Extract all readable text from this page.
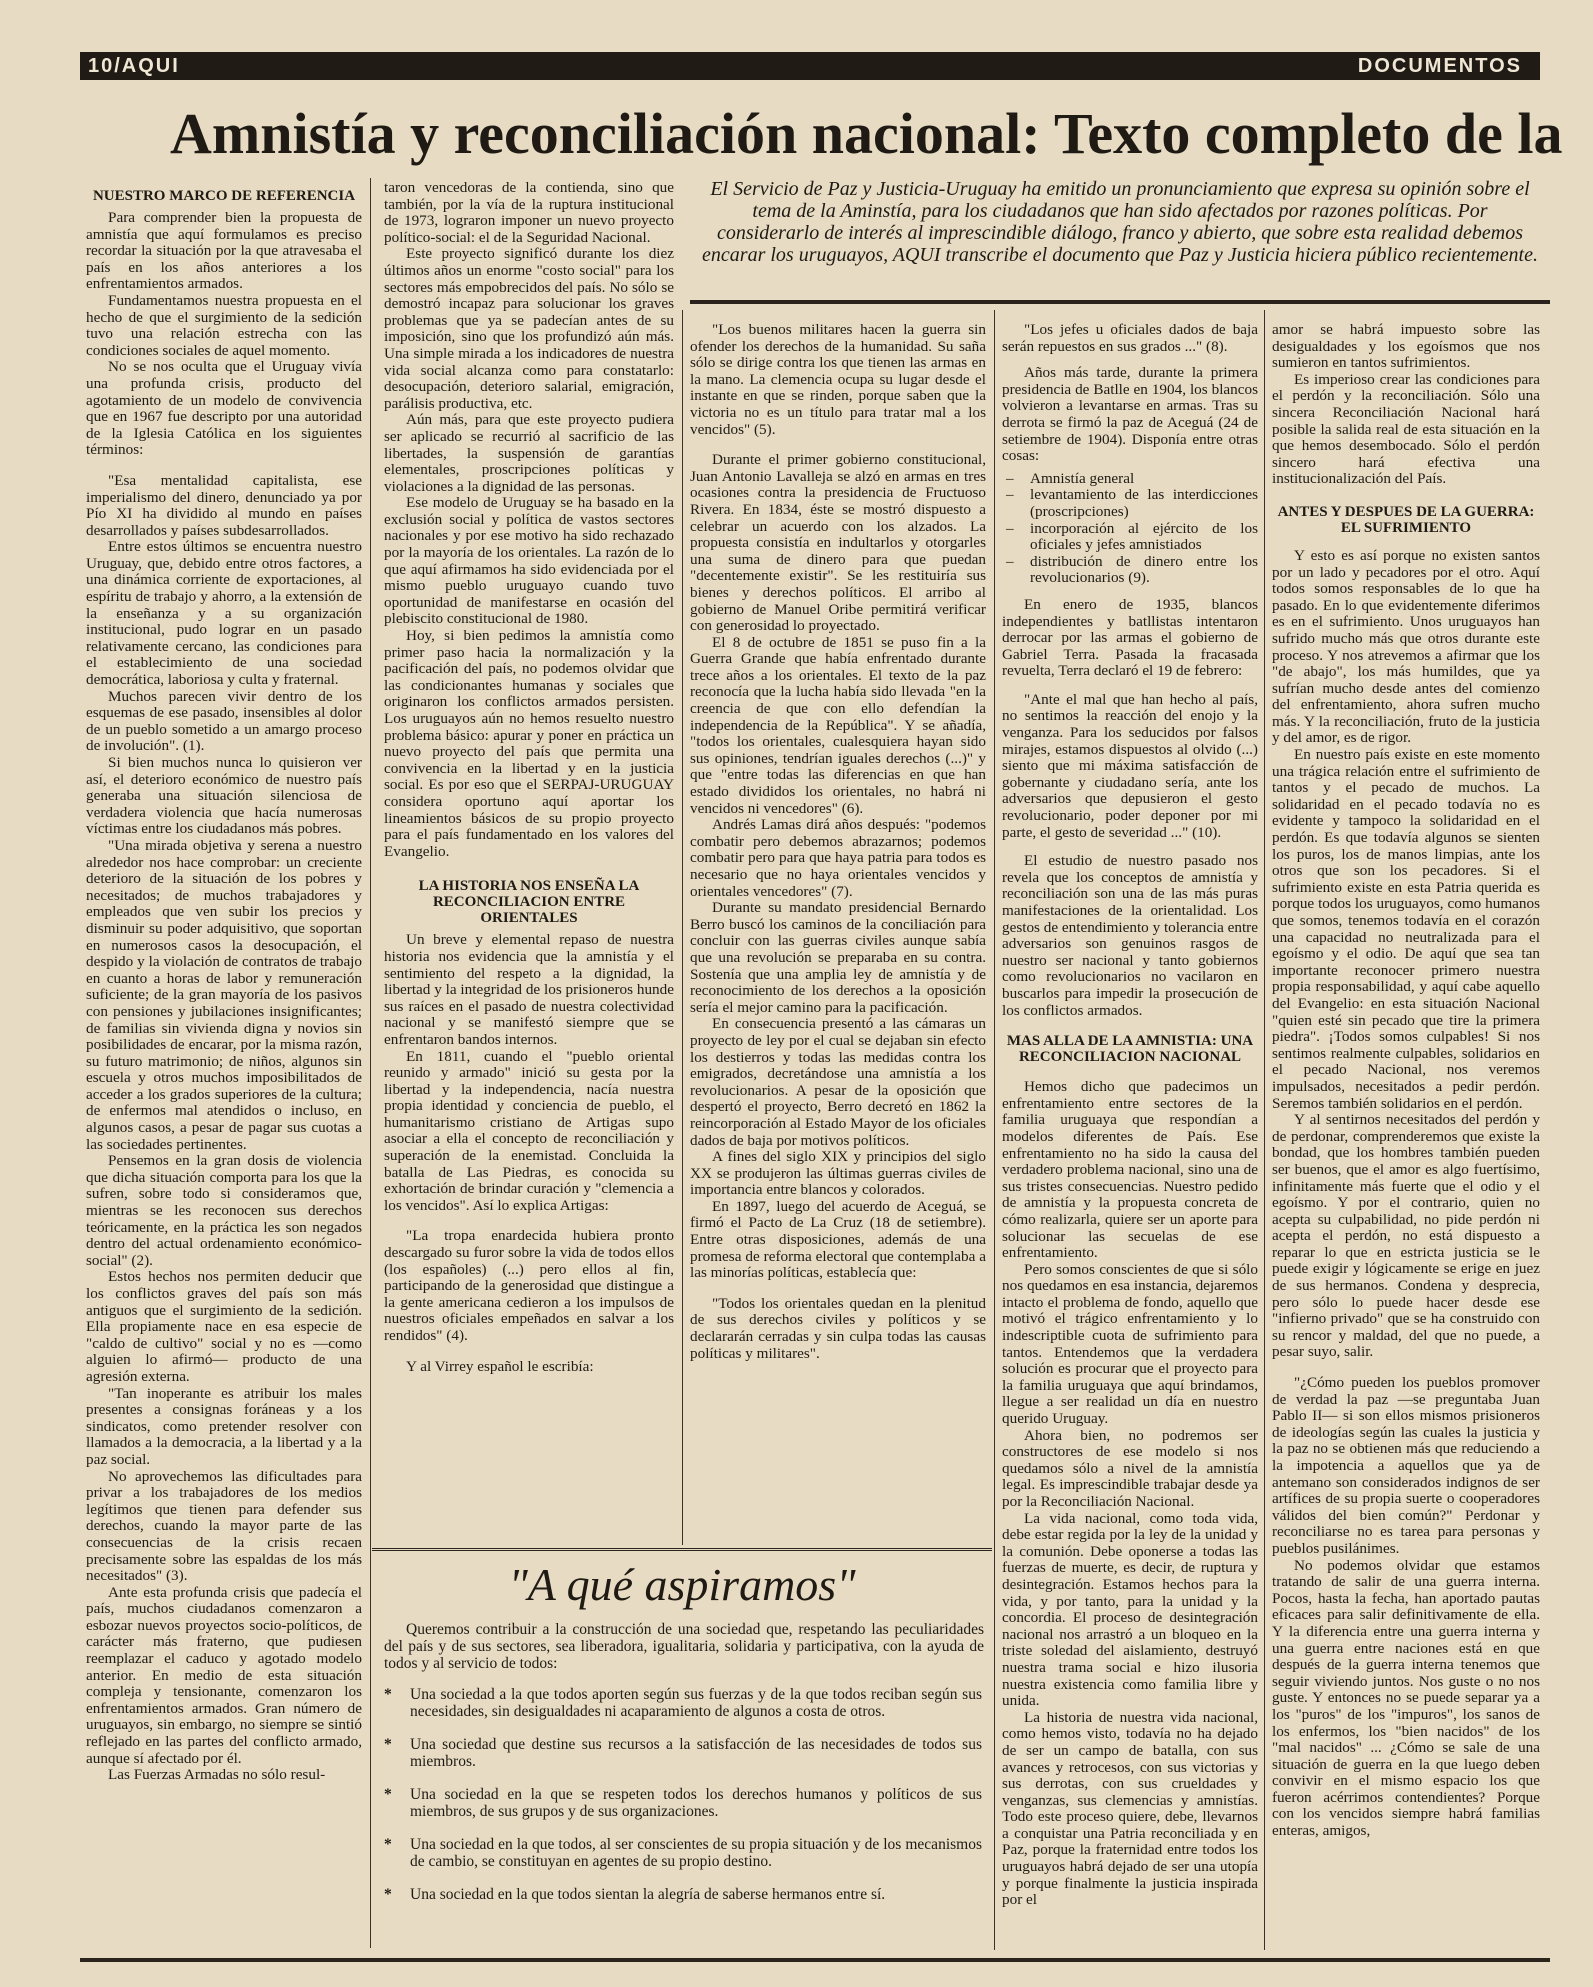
10/AQUI	DOCUMENTOS
Amnistía y reconciliación nacional: Texto completo de la
El Servicio de Paz y Justicia-Uruguay ha emitido un pronunciamiento que expresa su opinión sobre el tema de la Aminstía, para los ciudadanos que han sido afectados por razones políticas. Por considerarlo de interés al imprescindible diálogo, franco y abierto, que sobre esta realidad debemos encarar los uruguayos, AQUI transcribe el documento que Paz y Justicia hiciera público recientemente.
NUESTRO MARCO DE REFERENCIA

Para comprender bien la propuesta de amnistía que aquí formulamos es preciso recordar la situación por la que atravesaba el país en los años anteriores a los enfrentamientos armados.

Fundamentamos nuestra propuesta en el hecho de que el surgimiento de la sedición tuvo una relación estrecha con las condiciones sociales de aquel momento.

No se nos oculta que el Uruguay vivía una profunda crisis, producto del agotamiento de un modelo de convivencia que en 1967 fue descripto por una autoridad de la Iglesia Católica en los siguientes términos:

"Esa mentalidad capitalista, ese imperialismo del dinero, denunciado ya por Pío XI ha dividido al mundo en países desarrollados y países subdesarrollados.

Entre estos últimos se encuentra nuestro Uruguay, que, debido entre otros factores, a una dinámica corriente de exportaciones, al espíritu de trabajo y ahorro, a la extensión de la enseñanza y a su organización institucional, pudo lograr en un pasado relativamente cercano, las condiciones para el establecimiento de una sociedad democrática, laboriosa y culta y fraternal.

Muchos parecen vivir dentro de los esquemas de ese pasado, insensibles al dolor de un pueblo sometido a un amargo proceso de involución". (1).

Si bien muchos nunca lo quisieron ver así, el deterioro económico de nuestro país generaba una situación silenciosa de verdadera violencia que hacía numerosas víctimas entre los ciudadanos más pobres.

"Una mirada objetiva y serena a nuestro alrededor nos hace comprobar: un creciente deterioro de la situación de los pobres y necesitados; de muchos trabajadores y empleados que ven subir los precios y disminuir su poder adquisitivo, que soportan en numerosos casos la desocupación, el despido y la violación de contratos de trabajo en cuanto a horas de labor y remuneración suficiente; de la gran mayoría de los pasivos con pensiones y jubilaciones insignificantes; de familias sin vivienda digna y novios sin posibilidades de encarar, por la misma razón, su futuro matrimonio; de niños, algunos sin escuela y otros muchos imposibilitados de acceder a los grados superiores de la cultura; de enfermos mal atendidos o incluso, en algunos casos, a pesar de pagar sus cuotas a las sociedades pertinentes.

Pensemos en la gran dosis de violencia que dicha situación comporta para los que la sufren, sobre todo si consideramos que, mientras se les reconocen sus derechos teóricamente, en la práctica les son negados dentro del actual ordenamiento económico-social" (2).

Estos hechos nos permiten deducir que los conflictos graves del país son más antiguos que el surgimiento de la sedición. Ella propiamente nace en esa especie de "caldo de cultivo" social y no es —como alguien lo afirmó— producto de una agresión externa.

"Tan inoperante es atribuir los males presentes a consignas foráneas y a los sindicatos, como pretender resolver con llamados a la democracia, a la libertad y a la paz social.

No aprovechemos las dificultades para privar a los trabajadores de los medios legítimos que tienen para defender sus derechos, cuando la mayor parte de las consecuencias de la crisis recaen precisamente sobre las espaldas de los más necesitados" (3).

Ante esta profunda crisis que padecía el país, muchos ciudadanos comenzaron a esbozar nuevos proyectos socio-políticos, de carácter más fraterno, que pudiesen reemplazar el caduco y agotado modelo anterior. En medio de esta situación compleja y tensionante, comenzaron los enfrentamientos armados. Gran número de uruguayos, sin embargo, no siempre se sintió reflejado en las partes del conflicto armado, aunque sí afectado por él.

Las Fuerzas Armadas no sólo resul-

taron vencedoras de la contienda, sino que también, por la vía de la ruptura institucional de 1973, lograron imponer un nuevo proyecto político-social: el de la Seguridad Nacional.

Este proyecto significó durante los diez últimos años un enorme "costo social" para los sectores más empobrecidos del país. No sólo se demostró incapaz para solucionar los graves problemas que ya se padecían antes de su imposición, sino que los profundizó aún más. Una simple mirada a los indicadores de nuestra vida social alcanza como para constatarlo: desocupación, deterioro salarial, emigración, parálisis productiva, etc.

Aún más, para que este proyecto pudiera ser aplicado se recurrió al sacrificio de las libertades, la suspensión de garantías elementales, proscripciones políticas y violaciones a la dignidad de las personas.

Ese modelo de Uruguay se ha basado en la exclusión social y política de vastos sectores nacionales y por ese motivo ha sido rechazado por la mayoría de los orientales. La razón de lo que aquí afirmamos ha sido evidenciada por el mismo pueblo uruguayo cuando tuvo oportunidad de manifestarse en ocasión del plebiscito constitucional de 1980.

Hoy, si bien pedimos la amnistía como primer paso hacia la normalización y la pacificación del país, no podemos olvidar que las condicionantes humanas y sociales que originaron los conflictos armados persisten. Los uruguayos aún no hemos resuelto nuestro problema básico: apurar y poner en práctica un nuevo proyecto del país que permita una convivencia en la libertad y en la justicia social. Es por eso que el SERPAJ-URUGUAY considera oportuno aquí aportar los lineamientos básicos de su propio proyecto para el país fundamentado en los valores del Evangelio.

LA HISTORIA NOS ENSEÑA LA RECONCILIACION ENTRE ORIENTALES

Un breve y elemental repaso de nuestra historia nos evidencia que la amnistía y el sentimiento del respeto a la dignidad, la libertad y la integridad de los prisioneros hunde sus raíces en el pasado de nuestra colectividad nacional y se manifestó siempre que se enfrentaron bandos internos.

En 1811, cuando el "pueblo oriental reunido y armado" inició su gesta por la libertad y la independencia, nacía nuestra propia identidad y conciencia de pueblo, el humanitarismo cristiano de Artigas supo asociar a ella el concepto de reconciliación y superación de la enemistad. Concluida la batalla de Las Piedras, es conocida su exhortación de brindar curación y "clemencia a los vencidos". Así lo explica Artigas:

"La tropa enardecida hubiera pronto descargado su furor sobre la vida de todos ellos (los españoles) (...) pero ellos al fin, participando de la generosidad que distingue a la gente americana cedieron a los impulsos de nuestros oficiales empeñados en salvar a los rendidos" (4).

Y al Virrey español le escribía:

"Los buenos militares hacen la guerra sin ofender los derechos de la humanidad. Su saña sólo se dirige contra los que tienen las armas en la mano. La clemencia ocupa su lugar desde el instante en que se rinden, porque saben que la victoria no es un título para tratar mal a los vencidos" (5).

Durante el primer gobierno constitucional, Juan Antonio Lavalleja se alzó en armas en tres ocasiones contra la presidencia de Fructuoso Rivera. En 1834, éste se mostró dispuesto a celebrar un acuerdo con los alzados. La propuesta consistía en indultarlos y otorgarles una suma de dinero para que puedan "decentemente existir". Se les restituiría sus bienes y derechos políticos. El arribo al gobierno de Manuel Oribe permitirá verificar con generosidad lo proyectado.

El 8 de octubre de 1851 se puso fin a la Guerra Grande que había enfrentado durante trece años a los orientales. El texto de la paz reconocía que la lucha había sido llevada "en la creencia de que con ello defendían la independencia de la República". Y se añadía, "todos los orientales, cualesquiera hayan sido sus opiniones, tendrían iguales derechos (...)" y que "entre todas las diferencias en que han estado divididos los orientales, no habrá ni vencidos ni vencedores" (6).

Andrés Lamas dirá años después: "podemos combatir pero debemos abrazarnos; podemos combatir pero para que haya patria para todos es necesario que no haya orientales vencidos y orientales vencedores" (7).

Durante su mandato presidencial Bernardo Berro buscó los caminos de la conciliación para concluir con las guerras civiles aunque sabía que una revolución se preparaba en su contra. Sostenía que una amplia ley de amnistía y de reconocimiento de los derechos a la oposición sería el mejor camino para la pacificación.

En consecuencia presentó a las cámaras un proyecto de ley por el cual se dejaban sin efecto los destierros y todas las medidas contra los emigrados, decretándose una amnistía a los revolucionarios. A pesar de la oposición que despertó el proyecto, Berro decretó en 1862 la reincorporación al Estado Mayor de los oficiales dados de baja por motivos políticos.

A fines del siglo XIX y principios del siglo XX se produjeron las últimas guerras civiles de importancia entre blancos y colorados.

En 1897, luego del acuerdo de Aceguá, se firmó el Pacto de La Cruz (18 de setiembre). Entre otras disposiciones, además de una promesa de reforma electoral que contemplaba a las minorías políticas, establecía que:

"Todos los orientales quedan en la plenitud de sus derechos civiles y políticos y se declararán cerradas y sin culpa todas las causas políticas y militares".

"Los jefes u oficiales dados de baja serán repuestos en sus grados ..." (8).

Años más tarde, durante la primera presidencia de Batlle en 1904, los blancos volvieron a levantarse en armas. Tras su derrota se firmó la paz de Aceguá (24 de setiembre de 1904). Disponía entre otras cosas:

– Amnistía general
– levantamiento de las interdicciones (proscripciones)
– incorporación al ejército de los oficiales y jefes amnistiados
– distribución de dinero entre los revolucionarios (9).

En enero de 1935, blancos independientes y batllistas intentaron derrocar por las armas el gobierno de Gabriel Terra. Pasada la fracasada revuelta, Terra declaró el 19 de febrero:

"Ante el mal que han hecho al país, no sentimos la reacción del enojo y la venganza. Para los seducidos por falsos mirajes, estamos dispuestos al olvido (...) siento que mi máxima satisfacción de gobernante y ciudadano sería, ante los adversarios que depusieron el gesto revolucionario, poder deponer por mi parte, el gesto de severidad ..." (10).

El estudio de nuestro pasado nos revela que los conceptos de amnistía y reconciliación son una de las más puras manifestaciones de la orientalidad. Los gestos de entendimiento y tolerancia entre adversarios son genuinos rasgos de nuestro ser nacional y tanto gobiernos como revolucionarios no vacilaron en buscarlos para impedir la prosecución de los conflictos armados.

MAS ALLA DE LA AMNISTIA: UNA RECONCILIACION NACIONAL

Hemos dicho que padecimos un enfrentamiento entre sectores de la familia uruguaya que respondían a modelos diferentes de País. Ese enfrentamiento no ha sido la causa del verdadero problema nacional, sino una de sus tristes consecuencias. Nuestro pedido de amnistía y la propuesta concreta de cómo realizarla, quiere ser un aporte para solucionar las secuelas de ese enfrentamiento.

Pero somos conscientes de que si sólo nos quedamos en esa instancia, dejaremos intacto el problema de fondo, aquello que motivó el trágico enfrentamiento y lo indescriptible cuota de sufrimiento para tantos. Entendemos que la verdadera solución es procurar que el proyecto para la familia uruguaya que aquí brindamos, llegue a ser realidad un día en nuestro querido Uruguay.

Ahora bien, no podremos ser constructores de ese modelo si nos quedamos sólo a nivel de la amnistía legal. Es imprescindible trabajar desde ya por la Reconciliación Nacional.

La vida nacional, como toda vida, debe estar regida por la ley de la unidad y la comunión. Debe oponerse a todas las fuerzas de muerte, es decir, de ruptura y desintegración. Estamos hechos para la vida, y por tanto, para la unidad y la concordia. El proceso de desintegración nacional nos arrastró a un bloqueo en la triste soledad del aislamiento, destruyó nuestra trama social e hizo ilusoria nuestra existencia como familia libre y unida.

La historia de nuestra vida nacional, como hemos visto, todavía no ha dejado de ser un campo de batalla, con sus avances y retrocesos, con sus victorias y sus derrotas, con sus crueldades y venganzas, sus clemencias y amnistías. Todo este proceso quiere, debe, llevarnos a conquistar una Patria reconciliada y en Paz, porque la fraternidad entre todos los uruguayos habrá dejado de ser una utopía y porque finalmente la justicia inspirada por el

amor se habrá impuesto sobre las desigualdades y los egoísmos que nos sumieron en tantos sufrimientos.

Es imperioso crear las condiciones para el perdón y la reconciliación. Sólo una sincera Reconciliación Nacional hará posible la salida real de esta situación en la que hemos desembocado. Sólo el perdón sincero hará efectiva una institucionalización del País.

ANTES Y DESPUES DE LA GUERRA: EL SUFRIMIENTO

Y esto es así porque no existen santos por un lado y pecadores por el otro. Aquí todos somos responsables de lo que ha pasado. En lo que evidentemente diferimos es en el sufrimiento. Unos uruguayos han sufrido mucho más que otros durante este proceso. Y nos atrevemos a afirmar que los "de abajo", los más humildes, que ya sufrían mucho desde antes del comienzo del enfrentamiento, ahora sufren mucho más. Y la reconciliación, fruto de la justicia y del amor, es de rigor.

En nuestro país existe en este momento una trágica relación entre el sufrimiento de tantos y el pecado de muchos. La solidaridad en el pecado todavía no es evidente y tampoco la solidaridad en el perdón. Es que todavía algunos se sienten los puros, los de manos limpias, ante los otros que son los pecadores. Si el sufrimiento existe en esta Patria querida es porque todos los uruguayos, como humanos que somos, tenemos todavía en el corazón una capacidad no neutralizada para el egoísmo y el odio. De aquí que sea tan importante reconocer primero nuestra propia responsabilidad, y aquí cabe aquello del Evangelio: en esta situación Nacional "quien esté sin pecado que tire la primera piedra". ¡Todos somos culpables! Si nos sentimos realmente culpables, solidarios en el pecado Nacional, nos veremos impulsados, necesitados a pedir perdón. Seremos también solidarios en el perdón.

Y al sentirnos necesitados del perdón y de perdonar, comprenderemos que existe la bondad, que los hombres también pueden ser buenos, que el amor es algo fuertísimo, infinitamente más fuerte que el odio y el egoísmo. Y por el contrario, quien no acepta su culpabilidad, no pide perdón ni acepta el perdón, no está dispuesto a reparar lo que en estricta justicia se le puede exigir y lógicamente se erige en juez de sus hermanos. Condena y desprecia, pero sólo lo puede hacer desde ese "infierno privado" que se ha construido con su rencor y maldad, del que no puede, a pesar suyo, salir.

"¿Cómo pueden los pueblos promover de verdad la paz —se preguntaba Juan Pablo II— si son ellos mismos prisioneros de ideologías según las cuales la justicia y la paz no se obtienen más que reduciendo a la impotencia a aquellos que ya de antemano son considerados indignos de ser artífices de su propia suerte o cooperadores válidos del bien común?" Perdonar y reconciliarse no es tarea para personas y pueblos pusilánimes.

No podemos olvidar que estamos tratando de salir de una guerra interna. Pocos, hasta la fecha, han aportado pautas eficaces para salir definitivamente de ella. Y la diferencia entre una guerra interna y una guerra entre naciones está en que después de la guerra interna tenemos que seguir viviendo juntos. Nos guste o no nos guste. Y entonces no se puede separar ya a los "puros" de los "impuros", los sanos de los enfermos, los "bien nacidos" de los "mal nacidos" ... ¿Cómo se sale de una situación de guerra en la que luego deben convivir en el mismo espacio los que fueron acérrimos contendientes? Porque con los vencidos siempre habrá familias enteras, amigos,

"A qué aspiramos"

Queremos contribuir a la construcción de una sociedad que, respetando las peculiaridades del país y de sus sectores, sea liberadora, igualitaria, solidaria y participativa, con la ayuda de todos y al servicio de todos:

* Una sociedad a la que todos aporten según sus fuerzas y de la que todos reciban según sus necesidades, sin desigualdades ni acaparamiento de algunos a costa de otros.
* Una sociedad que destine sus recursos a la satisfacción de las necesidades de todos sus miembros.
* Una sociedad en la que se respeten todos los derechos humanos y políticos de sus miembros, de sus grupos y de sus organizaciones.
* Una sociedad en la que todos, al ser conscientes de su propia situación y de los mecanismos de cambio, se constituyan en agentes de su propio destino.
* Una sociedad en la que todos sientan la alegría de saberse hermanos entre sí.
